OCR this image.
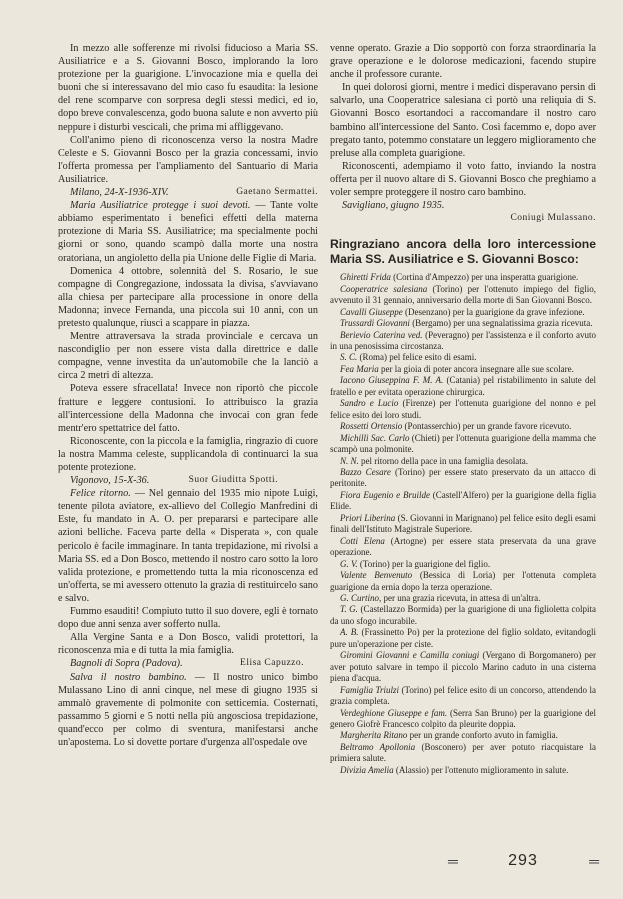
In mezzo alle sofferenze mi rivolsi fiducioso a Maria SS. Ausiliatrice e a S. Giovanni Bosco, implorando la loro protezione per la guarigione. L'invocazione mia e quella dei buoni che si interessavano del mio caso fu esaudita: la lesione del rene scomparve con sorpresa degli stessi medici, ed io, dopo breve convalescenza, godo buona salute e non avverto più neppure i disturbi vescicali, che prima mi affliggevano.

Coll'animo pieno di riconoscenza verso la nostra Madre Celeste e S. Giovanni Bosco per la grazia concessami, invio l'offerta promessa per l'ampliamento del Santuario di Maria Ausiliatrice.

Milano, 24-X-1936-XIV.	Gaetano Sermattei.

Maria Ausiliatrice protegge i suoi devoti. — Tante volte abbiamo esperimentato i benefici effetti della materna protezione di Maria SS. Ausiliatrice; ma specialmente pochi giorni or sono, quando scampò dalla morte una nostra oratoriana, un angioletto della pia Unione delle Figlie di Maria.

Domenica 4 ottobre, solennità del S. Rosario, le sue compagne di Congregazione, indossata la divisa, s'avviavano alla chiesa per partecipare alla processione in onore della Madonna; invece Fernanda, una piccola sui 10 anni, con un pretesto qualunque, riuscì a scappare in piazza.

Mentre attraversava la strada provinciale e cercava un nascondiglio per non essere vista dalla direttrice e dalle compagne, venne investita da un'automobile che la lanciò a circa 2 metri di altezza.

Poteva essere sfracellata! Invece non riportò che piccole fratture e leggere contusioni. Io attribuisco la grazia all'intercessione della Madonna che invocai con gran fede mentr'ero spettatrice del fatto.

Riconoscente, con la piccola e la famiglia, ringrazio di cuore la nostra Mamma celeste, supplicandola di continuarci la sua potente protezione.

Vigonovo, 15-X-36.	Suor Giuditta Spotti.

Felice ritorno. — Nel gennaio del 1935 mio nipote Luigi, tenente pilota aviatore, ex-allievo del Collegio Manfredini di Este, fu mandato in A. O. per prepararsi e partecipare alle azioni belliche. Faceva parte della « Disperata », con quale pericolo è facile immaginare. In tanta trepidazione, mi rivolsi a Maria SS. ed a Don Bosco, mettendo il nostro caro sotto la loro valida protezione, e promettendo tutta la mia riconoscenza ed un'offerta, se mi avessero ottenuto la grazia di restituircelo sano e salvo.

Fummo esauditi! Compiuto tutto il suo dovere, egli è tornato dopo due anni senza aver sofferto nulla.

Alla Vergine Santa e a Don Bosco, validi protettori, la riconoscenza mia e di tutta la mia famiglia.

Bagnoli di Sopra (Padova).	Elisa Capuzzo.

Salva il nostro bambino. — Il nostro unico bimbo Mulassano Lino di anni cinque, nel mese di giugno 1935 si ammalò gravemente di polmonite con setticemia. Costernati, passammo 5 giorni e 5 notti nella più angosciosa trepidazione, quand'ecco per colmo di sventura, manifestarsi anche un'apostema. Lo si dovette portare d'urgenza all'ospedale ove

venne operato. Grazie a Dio sopportò con forza straordinaria la grave operazione e le dolorose medicazioni, facendo stupire anche il professore curante.

In quei dolorosi giorni, mentre i medici disperavano persin di salvarlo, una Cooperatrice salesiana ci portò una reliquia di S. Giovanni Bosco esortandoci a raccomandare il nostro caro bambino all'intercessione del Santo. Così facemmo e, dopo aver pregato tanto, potemmo constatare un leggero miglioramento che preluse alla completa guarigione.

Riconoscenti, adempiamo il voto fatto, inviando la nostra offerta per il nuovo altare di S. Giovanni Bosco che preghiamo a voler sempre proteggere il nostro caro bambino.

Savigliano, giugno 1935.

Coniugi Mulassano.

Ringraziano ancora della loro intercessione Maria SS. Ausiliatrice e S. Giovanni Bosco:

Ghiretti Frida (Cortina d'Ampezzo) per una insperatta guarigione.

Cooperatrice salesiana (Torino) per l'ottenuto impiego del figlio, avvenuto il 31 gennaio, anniversario della morte di San Giovanni Bosco.

Cavalli Giuseppe (Desenzano) per la guarigione da grave infezione.

Trussardi Giovanni (Bergamo) per una segnalatissima grazia ricevuta.

Berievio Caterina ved. (Peveragno) per l'assistenza e il conforto avuto in una penosissima circostanza.

S. C. (Roma) pel felice esito di esami.

Fea Maria per la gioia di poter ancora insegnare alle sue scolare.

Iacono Giuseppina F. M. A. (Catania) pel ristabilimento in salute del fratello e per evitata operazione chirurgica.

Sandro e Lucio (Firenze) per l'ottenuta guarigione del nonno e pel felice esito dei loro studi.

Rossetti Ortensio (Pontasserchio) per un grande favore ricevuto.

Michilli Sac. Carlo (Chieti) per l'ottenuta guarigione della mamma che scampò una polmonite.

N. N. pel ritorno della pace in una famiglia desolata.

Bazzo Cesare (Torino) per essere stato preservato da un attacco di peritonite.

Fiora Eugenio e Bruilde (Castell'Alfero) per la guarigione della figlia Elide.

Priori Liberina (S. Giovanni in Marignano) pel felice esito degli esami finali dell'Istituto Magistrale Superiore.

Cotti Elena (Artogne) per essere stata preservata da una grave operazione.

G. V. (Torino) per la guarigione del figlio.

Valente Benvenuto (Bessica di Loria) per l'ottenuta completa guarigione da ernia dopo la terza operazione.

G. Curtino, per una grazia ricevuta, in attesa di un'altra.

T. G. (Castellazzo Bormida) per la guarigione di una figlioletta colpita da uno sfogo incurabile.

A. B. (Frassinetto Po) per la protezione del figlio soldato, evitandogli pure un'operazione per ciste.

Giromini Giovanni e Camilla coniugi (Vergano di Borgomanero) per aver potuto salvare in tempo il piccolo Marino caduto in una cisterna piena d'acqua.

Famiglia Triulzi (Torino) pel felice esito di un concorso, attendendo la grazia completa.

Verdeghione Giuseppe e fam. (Serra San Bruno) per la guarigione del genero Giofrè Francesco colpito da pleurite doppia.

Margherita Ritano per un grande conforto avuto in famiglia.

Beltramo Apollonia (Bosconero) per aver potuto riacquistare la primiera salute.

Divizia Amelia (Alassio) per l'ottenuto miglioramento in salute.

═	293	═
